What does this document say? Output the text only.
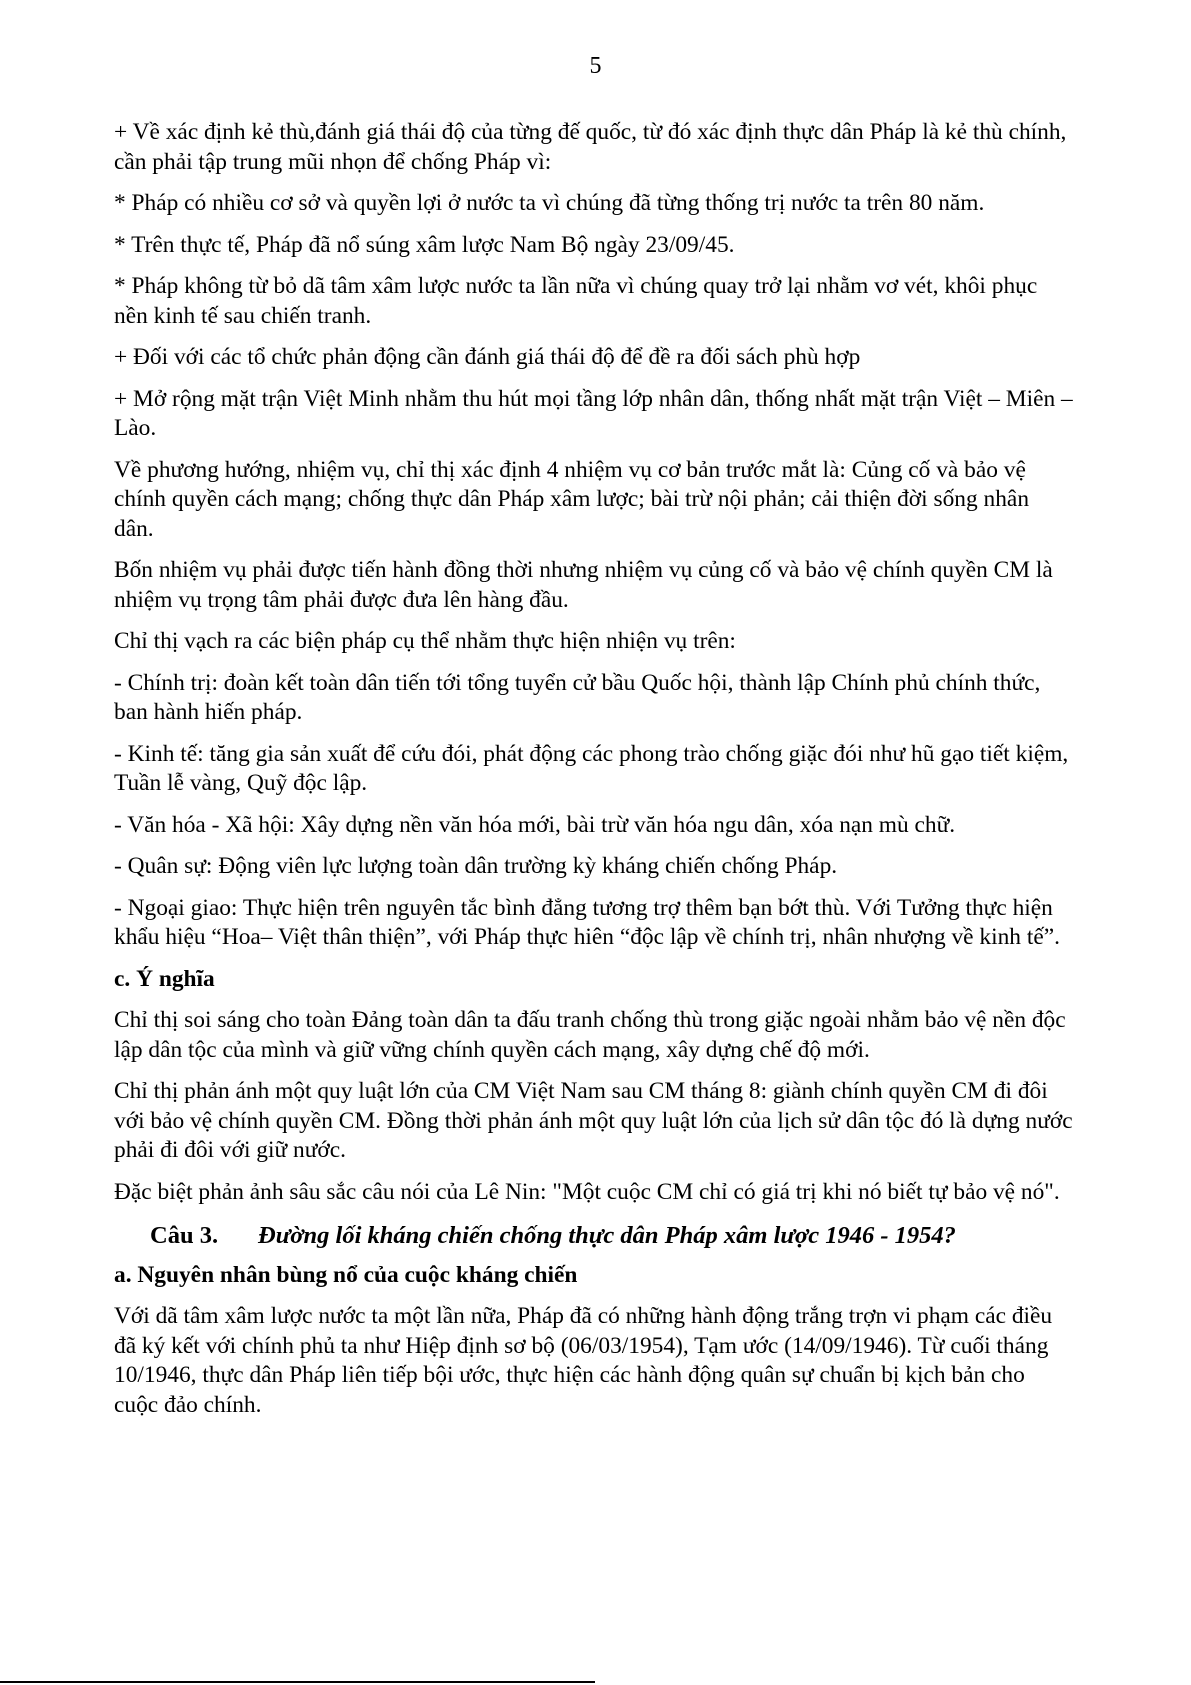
5

+ Về xác định kẻ thù,đánh giá thái độ của từng đế quốc, từ đó xác định thực dân Pháp là kẻ thù chính, cần phải tập trung mũi nhọn để chống Pháp vì:

* Pháp có nhiều cơ sở và quyền lợi ở nước ta vì chúng đã từng thống trị nước ta trên 80 năm.

* Trên thực tế, Pháp đã nổ súng xâm lược Nam Bộ ngày 23/09/45.

* Pháp không từ bỏ dã tâm xâm lược nước ta lần nữa vì chúng quay trở lại nhằm vơ vét, khôi phục nền kinh tế sau chiến tranh.

+ Đối với các tổ chức phản động cần đánh giá thái độ để đề ra đối sách phù hợp

+ Mở rộng mặt trận Việt Minh nhằm thu hút mọi tầng lớp nhân dân, thống nhất mặt trận Việt – Miên – Lào.

Về phương hướng, nhiệm vụ, chỉ thị xác định 4 nhiệm vụ cơ bản trước mắt là: Củng cố và bảo vệ chính quyền cách mạng; chống thực dân Pháp xâm lược; bài trừ nội phản; cải thiện đời sống nhân dân.

Bốn nhiệm vụ phải được tiến hành đồng thời nhưng nhiệm vụ củng cố và bảo vệ chính quyền CM là nhiệm vụ trọng tâm phải được đưa lên hàng đầu.

Chỉ thị vạch ra các biện pháp cụ thể nhằm thực hiện nhiện vụ trên:

- Chính trị: đoàn kết toàn dân tiến tới tổng tuyển cử bầu Quốc hội, thành lập Chính phủ chính thức, ban hành hiến pháp.

- Kinh tế: tăng gia sản xuất để cứu đói, phát động các phong trào chống giặc đói như hũ gạo tiết kiệm, Tuần lễ vàng, Quỹ độc lập.

- Văn hóa - Xã hội: Xây dựng nền văn hóa mới, bài trừ văn hóa ngu dân, xóa nạn mù chữ.

- Quân sự: Động viên lực lượng toàn dân trường kỳ kháng chiến chống Pháp.

- Ngoại giao: Thực hiện trên nguyên tắc bình đẳng tương trợ thêm bạn bớt thù. Với Tưởng thực hiện khẩu hiệu “Hoa– Việt thân thiện”, với Pháp thực hiên “độc lập về chính trị, nhân nhượng về kinh tế”.

c. Ý nghĩa

Chỉ thị soi sáng cho toàn Đảng toàn dân ta đấu tranh chống thù trong giặc ngoài nhằm bảo vệ nền độc lập dân tộc của mình và giữ vững chính quyền cách mạng, xây dựng chế độ mới.

Chỉ thị phản ánh một quy luật lớn của CM Việt Nam sau CM tháng 8: giành chính quyền CM đi đôi với bảo vệ chính quyền CM. Đồng thời phản ánh một quy luật lớn của lịch sử dân tộc đó là dựng nước phải đi đôi với giữ nước.

Đặc biệt phản ảnh sâu sắc câu nói của Lê Nin: "Một cuộc CM chỉ có giá trị khi nó biết tự bảo vệ nó".

Câu 3. Đường lối kháng chiến chống thực dân Pháp xâm lược 1946 - 1954?

a. Nguyên nhân bùng nổ của cuộc kháng chiến

Với dã tâm xâm lược nước ta một lần nữa, Pháp đã có những hành động trắng trợn vi phạm các điều đã ký kết với chính phủ ta như Hiệp định sơ bộ (06/03/1954), Tạm ước (14/09/1946). Từ cuối tháng 10/1946, thực dân Pháp liên tiếp bội ước, thực hiện các hành động quân sự chuẩn bị kịch bản cho cuộc đảo chính.
